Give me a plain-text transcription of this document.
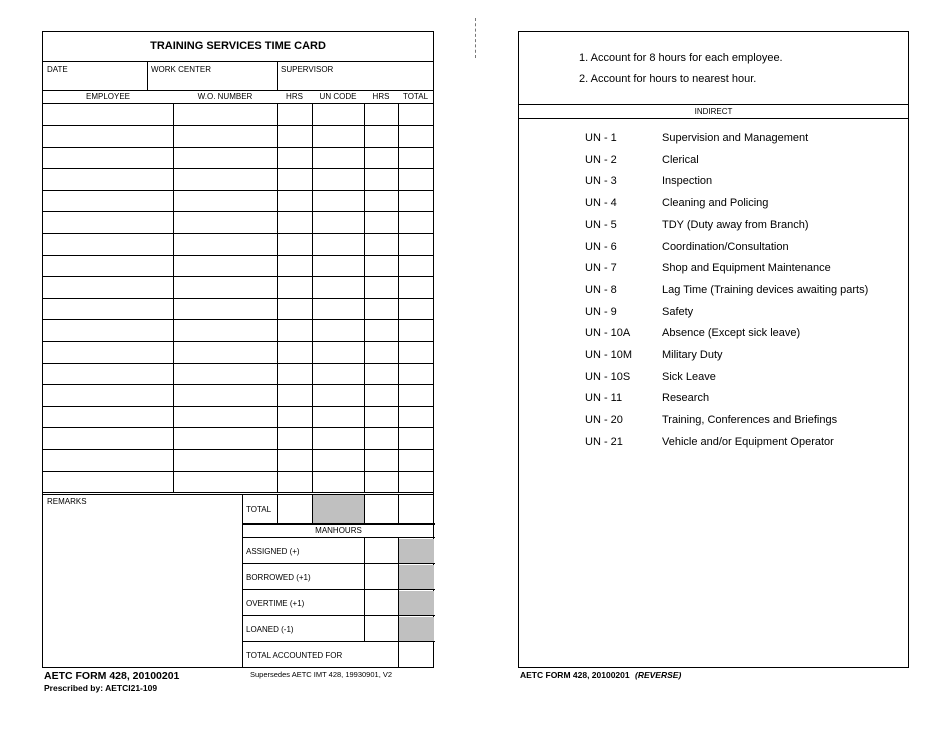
TRAINING SERVICES TIME CARD
DATE	WORK CENTER	SUPERVISOR
EMPLOYEE	W.O. NUMBER	HRS	UN CODE	HRS	TOTAL

REMARKS
TOTAL
MANHOURS
ASSIGNED (+)
BORROWED (+1)
OVERTIME (+1)
LOANED (-1)
TOTAL ACCOUNTED FOR
AETC FORM 428, 20100201
Prescribed by: AETCI21-109
Supersedes AETC IMT 428, 19930901, V2
1. Account for 8 hours for each employee.
2. Account for hours to nearest hour.
INDIRECT
UN - 1	Supervision and Management
UN - 2	Clerical
UN - 3	Inspection
UN - 4	Cleaning and Policing
UN - 5	TDY (Duty away from Branch)
UN - 6	Coordination/Consultation
UN - 7	Shop and Equipment Maintenance
UN - 8	Lag Time (Training devices awaiting parts)
UN - 9	Safety
UN - 10A	Absence (Except sick leave)
UN - 10M	Military Duty
UN - 10S	Sick Leave
UN - 11	Research
UN - 20	Training, Conferences and Briefings
UN - 21	Vehicle and/or Equipment Operator
AETC FORM 428, 20100201 (REVERSE)
